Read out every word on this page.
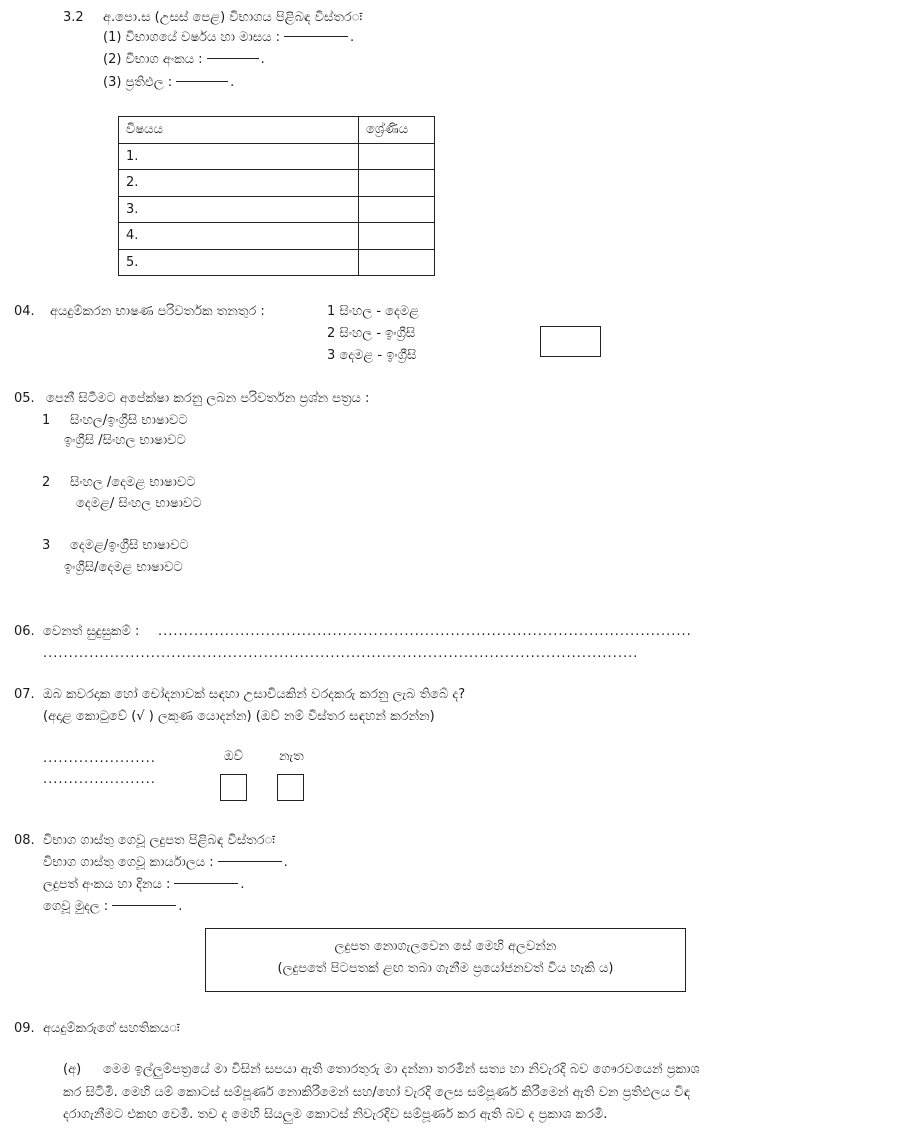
3.2 අ.පො.ස (උසස් පෙළ) විභාගය පිළිබඳ විස්තරः
(1) විභාගයේ වර්ෂය හා මාසය :	.
(2) විභාග අංකය :	.
(3) ප්‍රතිඵල :	.
විෂයය	ශ්‍රේණිය
1.	
2.	
3.	
4.	
5.	
04. අයදුම්කරන භාෂණ පරිවර්තක තනතුර :	1 සිංහල - දෙමළ
2 සිංහල - ඉංග්‍රීසි
3 දෙමළ - ඉංග්‍රීසි
05. පෙනී සිටීමට අපේක්ෂා කරනු ලබන පරිවර්තන ප්‍රශ්න පත්‍රය :
1 සිංහල/ඉංග්‍රීසි භාෂාවට
ඉංග්‍රීසි /සිංහල භාෂාවට
2 සිංහල /දෙමළ භාෂාවට
දෙමළ/ සිංහල භාෂාවට
3 දෙමළ/ඉංග්‍රීසි භාෂාවට
ඉංග්‍රීසි/දෙමළ භාෂාවට
06. වෙනත් සුදුසුකම් : ........................................................................................................
....................................................................................................................
07. ඔබ කවරදාක හෝ චෝදනාවක් සඳහා උසාවියකින් වරදකරු කරනු ලැබ තිබේ ද?
(අදාළ කොටුවේ (√ ) ලකුණ යොදන්න) (ඔව් නම් විස්තර සඳහන් කරන්න)
......................
......................
ඔව්	නැත
08. විභාග ගාස්තු ගෙවූ ලදුපත පිළිබඳ විස්තරः
විභාග ගාස්තු ගෙවූ කාර්යාලය :	.
ලදුපත් අංකය හා දිනය :	.
ගෙවූ මුදල :	.
ලදුපත නොගැලවෙන සේ මෙහි අලවන්න
(ලදුපතේ පිටපතක් ළඟ තබා ගැනීම ප්‍රයෝජනවත් විය හැකි ය)
09. අයදුම්කරුගේ සහතිකයः
(අ) මෙම ඉල්ලුම්පත්‍රයේ මා විසින් සපයා ඇති තොරතුරු මා දන්නා තරමින් සත්‍ය හා නිවැරදි බව ගෞරවයෙන් ප්‍රකාශ
කර සිටිමි. මෙහි යම් කොටස් සම්පූර්ණ නොකිරීමෙන් සහ/හෝ වැරදි ලෙස සම්පූර්ණ කිරීමෙන් ඇති වන ප්‍රතිඵලය විඳ
දරාගැනීමට එකඟ වෙමි. තව ද මෙහි සියලුම කොටස් නිවැරදිව සම්පූර්ණ කර ඇති බව ද ප්‍රකාශ කරමි.
